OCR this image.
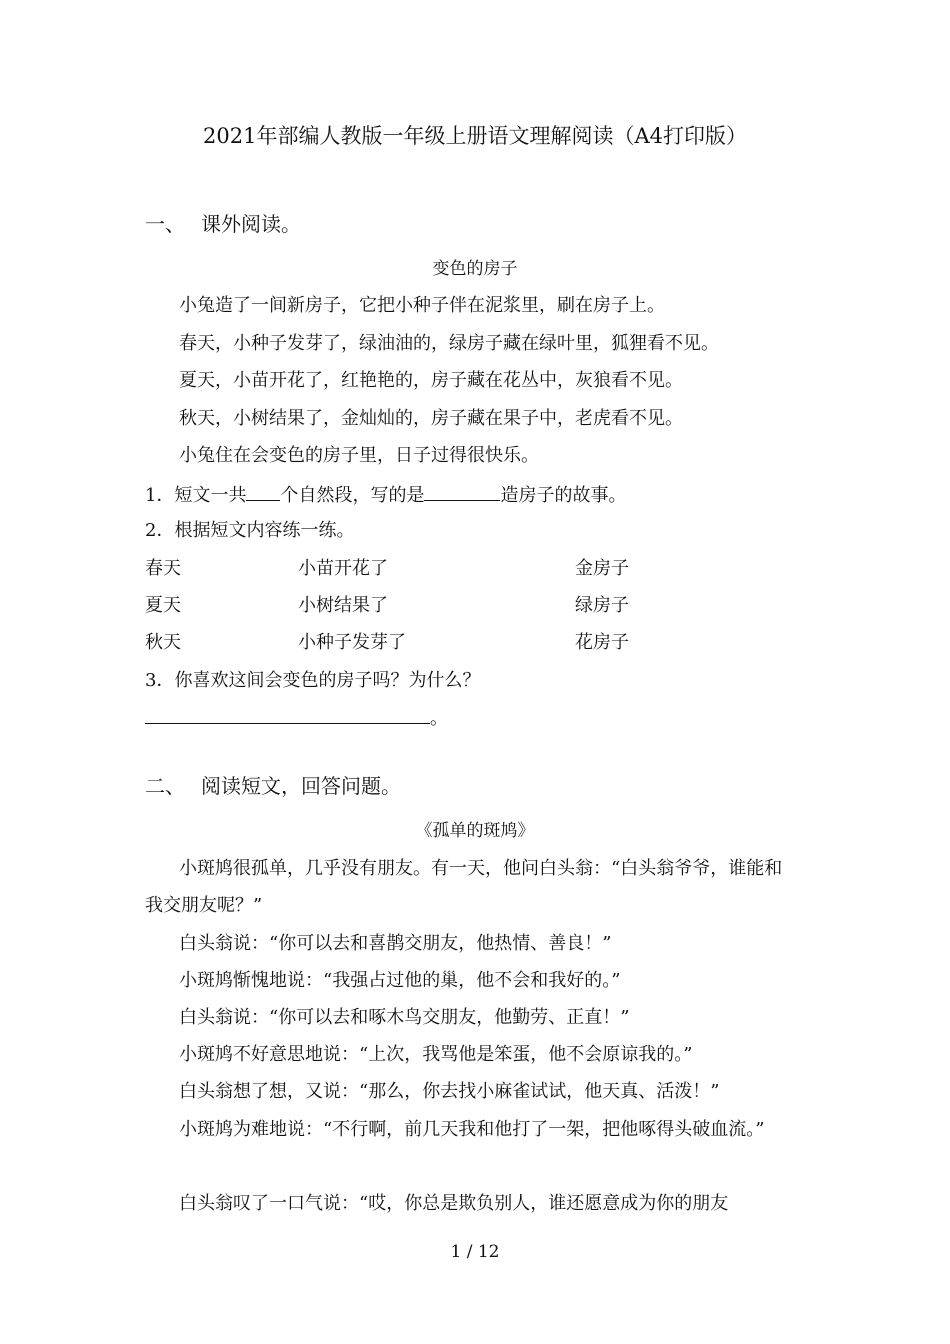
2021年部编人教版一年级上册语文理解阅读（A4打印版）
一、 课外阅读。
变色的房子
小兔造了一间新房子，它把小种子伴在泥浆里，刷在房子上。
春天，小种子发芽了，绿油油的，绿房子藏在绿叶里，狐狸看不见。
夏天，小苗开花了，红艳艳的，房子藏在花丛中，灰狼看不见。
秋天，小树结果了，金灿灿的，房子藏在果子中，老虎看不见。
小兔住在会变色的房子里，日子过得很快乐。
1．短文一共 个自然段，写的是	造房子的故事。
2．根据短文内容练一练。
春天	小苗开花了	金房子
夏天	小树结果了	绿房子
秋天	小种子发芽了	花房子
3．你喜欢这间会变色的房子吗？为什么？
。
二、 阅读短文，回答问题。
《孤单的斑鸠》
小斑鸠很孤单，几乎没有朋友。有一天，他问白头翁：“白头翁爷爷，谁能和我交朋友呢？”
白头翁说：“你可以去和喜鹊交朋友，他热情、善良！”
小斑鸠惭愧地说：“我强占过他的巢，他不会和我好的。”
白头翁说：“你可以去和啄木鸟交朋友，他勤劳、正直！”
小斑鸠不好意思地说：“上次，我骂他是笨蛋，他不会原谅我的。”
白头翁想了想，又说：“那么，你去找小麻雀试试，他天真、活泼！”
小斑鸠为难地说：“不行啊，前几天我和他打了一架，把他啄得头破血流。”
白头翁叹了一口气说：“哎，你总是欺负别人，谁还愿意成为你的朋友
1 / 12
